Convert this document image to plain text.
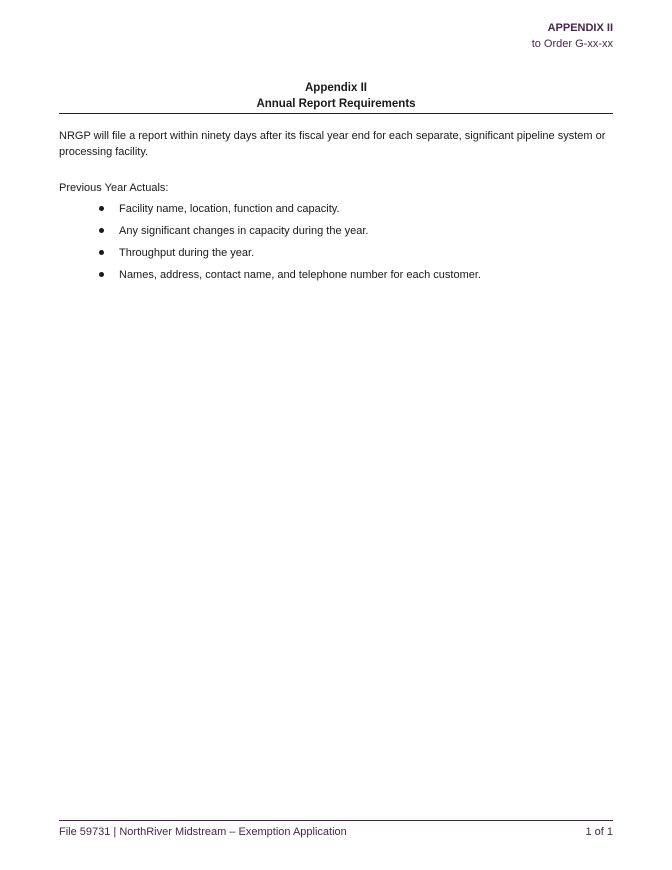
APPENDIX II
to Order G-xx-xx
Appendix II
Annual Report Requirements
NRGP will file a report within ninety days after its fiscal year end for each separate, significant pipeline system or processing facility.
Previous Year Actuals:
Facility name, location, function and capacity.
Any significant changes in capacity during the year.
Throughput during the year.
Names, address, contact name, and telephone number for each customer.
File 59731 | NorthRiver Midstream – Exemption Application	1 of 1
